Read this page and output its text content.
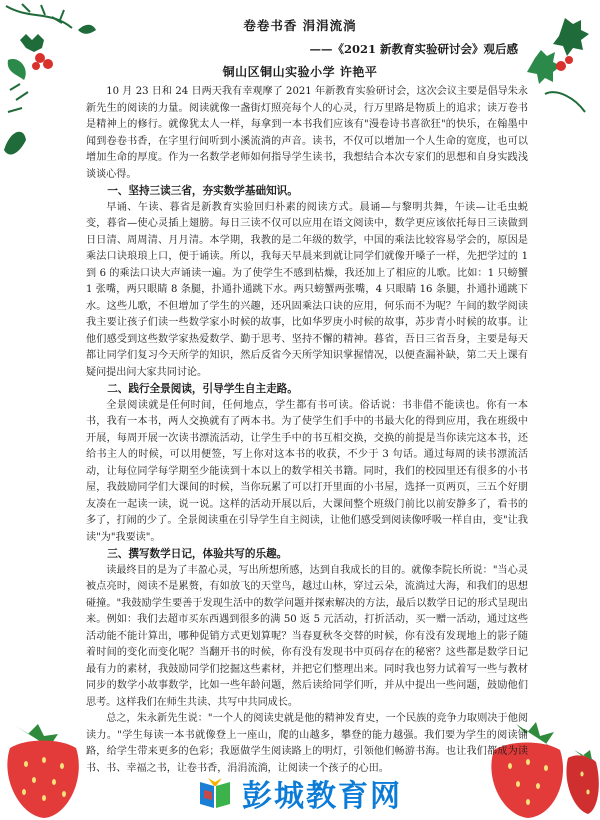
卷卷书香 涓涓流淌
——《2021 新教育实验研讨会》观后感
铜山区铜山实验小学 许艳平

10 月 23 日和 24 日两天我有幸观摩了 2021 年新教育实验研讨会，这次会议主要是倡导朱永新先生的阅读的力量。阅读就像一盏街灯照亮每个人的心灵，行万里路是物质上的追求；读万卷书是精神上的修行。就像犹太人一样，每拿到一本书我们应该有"漫卷诗书喜欲狂"的快乐，在翰墨中闻到卷卷书香，在字里行间听到小溪流淌的声音。读书，不仅可以增加一个人生命的宽度，也可以增加生命的厚度。作为一名数学老师如何指导学生读书，我想结合本次专家们的思想和自身实践浅谈谈心得。

一、坚持三读三省，夯实数学基础知识。

早诵、午读、暮省是新教育实验回归朴素的阅读方式。晨诵—与黎明共舞，午读—让毛虫蜕变，暮省—使心灵插上翅膀。每日三读不仅可以应用在语文阅读中，数学更应该依托每日三读做到日日清、周周清、月月清。本学期，我教的是二年级的数学，中国的乘法比较容易学会的，原因是乘法口诀琅琅上口，便于诵读。所以，我每天早晨来到就让同学们就像开嗓子一样，先把学过的 1 到 6 的乘法口诀大声诵读一遍。为了使学生不感到枯燥，我还加上了相应的儿歌。比如：1 只螃蟹 1 张嘴，两只眼睛 8 条腿，扑通扑通跳下水。两只螃蟹两张嘴，4 只眼睛 16 条腿，扑通扑通跳下水。这些儿歌，不但增加了学生的兴趣，还巩固乘法口诀的应用，何乐而不为呢？午间的数学阅读我主要让孩子们读一些数学家小时候的故事，比如华罗庚小时候的故事，苏步青小时候的故事。让他们感受到这些数学家热爱数学、勤于思考、坚持不懈的精神。暮省，吾日三省吾身，主要是每天都让同学们复习今天所学的知识，然后反省今天所学知识掌握情况，以便查漏补缺，第二天上课有疑问提出问大家共同讨论。

二、践行全景阅读，引导学生自主走路。

全景阅读就是任何时间，任何地点，学生都有书可读。俗话说：书非借不能读也。你有一本书，我有一本书，两人交换就有了两本书。为了使学生们手中的书最大化的得到应用，我在班级中开展，每周开展一次读书漂流活动，让学生手中的书互相交换，交换的前提是当你读完这本书，还给书主人的时候，可以用便签，写上你对这本书的收获，不少于 3 句话。通过每周的读书漂流活动，让每位同学每学期至少能读到十本以上的数学相关书籍。同时，我们的校园里还有很多的小书屋，我鼓励同学们大课间的时候，当你玩累了可以打开里面的小书屋，选择一页两页，三五个好朋友凑在一起读一读，说一说。这样的活动开展以后，大课间整个班级门前比以前安静多了，看书的多了，打闹的少了。全景阅读重在引导学生自主阅读，让他们感受到阅读像呼吸一样自由，变"让我读"为"我要读"。

三、撰写数学日记，体验共写的乐趣。

读最终目的是为了丰盈心灵，写出所想所感，达到自我成长的目的。就像李院长所说："当心灵被点亮时，阅读不是累赘，有如放飞的天堂鸟，越过山林，穿过云朵，流淌过大海，和我们的思想碰撞。"我鼓励学生要善于发现生活中的数学问题并探索解决的方法，最后以数学日记的形式呈现出来。例如：我们去超市买东西遇到很多的满 50 返 5 元活动，打折活动，买一赠一活动，通过这些活动能不能计算出，哪种促销方式更划算呢？当春夏秋冬交替的时候，你有没有发现地上的影子随着时间的变化而变化呢？当翻开书的时候，你有没有发现书中页码存在的秘密？这些都是数学日记最有力的素材，我鼓励同学们挖掘这些素材，并把它们整理出来。同时我也努力试着写一些与教材同步的数学小故事数学，比如一些年龄问题，然后读给同学们听，并从中提出一些问题，鼓励他们思考。这样我们在师生共读、共写中共同成长。

总之，朱永新先生说："一个人的阅读史就是他的精神发育史，一个民族的竞争力取则决于他阅读力。"学生每读一本书就像登上一座山，爬的山越多，攀登的能力越强。我们要为学生的阅读铺路，给学生带来更多的色彩；我愿做学生阅读路上的明灯，引领他们畅游书海。也让我们都成为读书、书、幸福之书，让卷书香，涓涓流淌，让阅读一个孩子的心田。

彭城教育网
